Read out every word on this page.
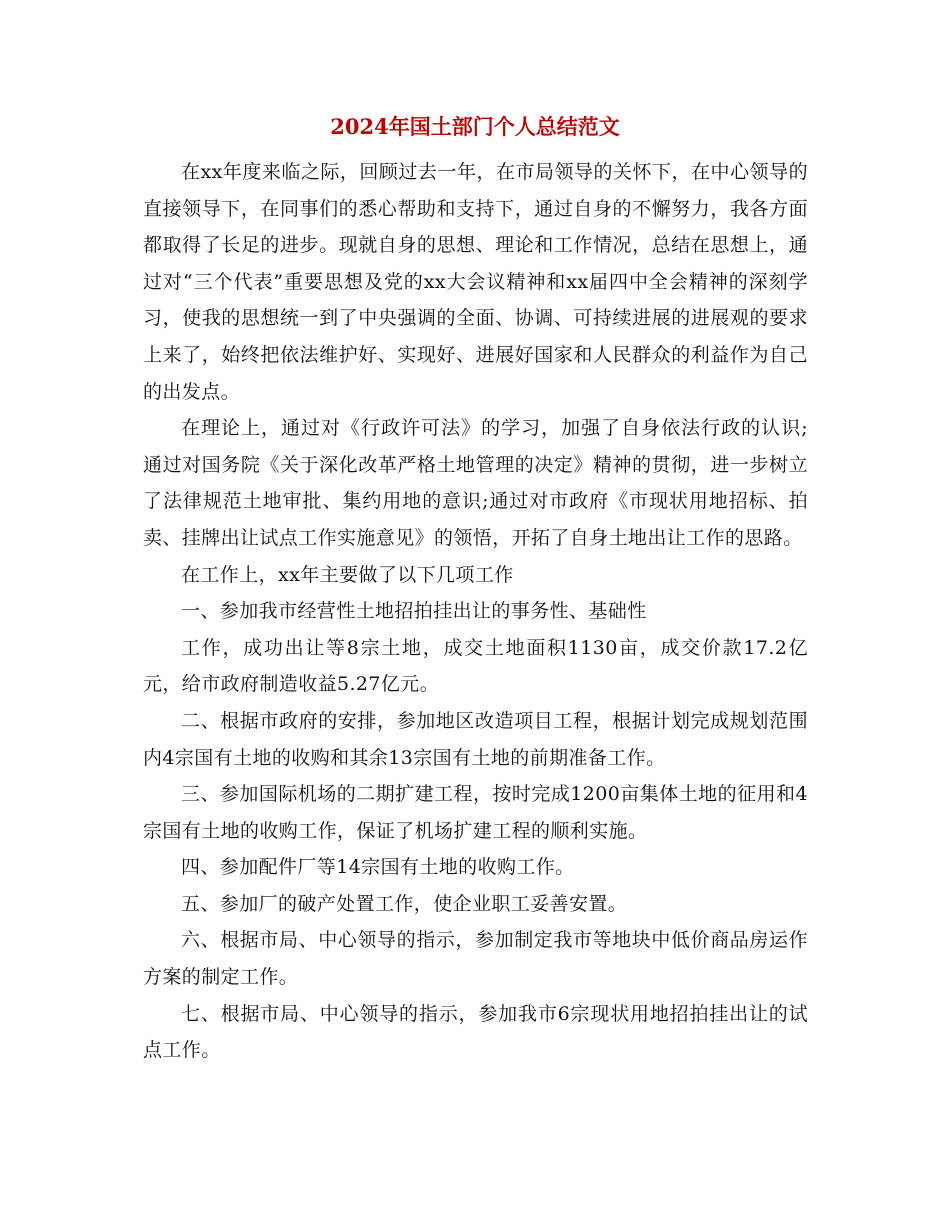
2024年国土部门个人总结范文

在xx年度来临之际，回顾过去一年，在市局领导的关怀下，在中心领导的直接领导下，在同事们的悉心帮助和支持下，通过自身的不懈努力，我各方面都取得了长足的进步。现就自身的思想、理论和工作情况，总结在思想上，通过对“三个代表”重要思想及党的xx大会议精神和xx届四中全会精神的深刻学习，使我的思想统一到了中央强调的全面、协调、可持续进展的进展观的要求上来了，始终把依法维护好、实现好、进展好国家和人民群众的利益作为自己的出发点。

在理论上，通过对《行政许可法》的学习，加强了自身依法行政的认识;通过对国务院《关于深化改革严格土地管理的决定》精神的贯彻，进一步树立了法律规范土地审批、集约用地的意识;通过对市政府《市现状用地招标、拍卖、挂牌出让试点工作实施意见》的领悟，开拓了自身土地出让工作的思路。

在工作上，xx年主要做了以下几项工作

一、参加我市经营性土地招拍挂出让的事务性、基础性

工作，成功出让等8宗土地，成交土地面积1130亩，成交价款17.2亿元，给市政府制造收益5.27亿元。

二、根据市政府的安排，参加地区改造项目工程，根据计划完成规划范围内4宗国有土地的收购和其余13宗国有土地的前期准备工作。

三、参加国际机场的二期扩建工程，按时完成1200亩集体土地的征用和4宗国有土地的收购工作，保证了机场扩建工程的顺利实施。

四、参加配件厂等14宗国有土地的收购工作。

五、参加厂的破产处置工作，使企业职工妥善安置。

六、根据市局、中心领导的指示，参加制定我市等地块中低价商品房运作方案的制定工作。

七、根据市局、中心领导的指示，参加我市6宗现状用地招拍挂出让的试点工作。
